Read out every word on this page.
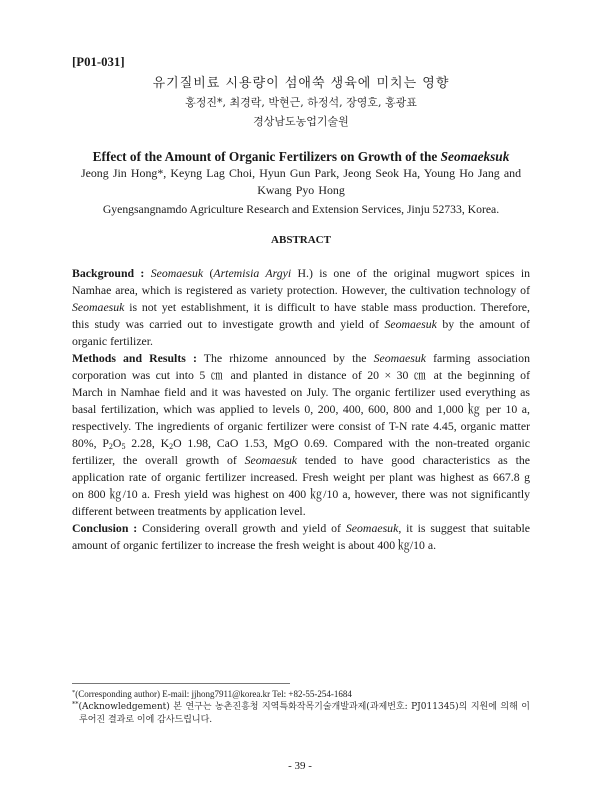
[P01-031]
유기질비료 시용량이 섬애쑥 생육에 미치는 영향
홍정진*, 최경락, 박현근, 하정석, 장영호, 홍광표
경상남도농업기술원
Effect of the Amount of Organic Fertilizers on Growth of the Seomaeksuk
Jeong Jin Hong*, Keyng Lag Choi, Hyun Gun Park, Jeong Seok Ha, Young Ho Jang and
Kwang Pyo Hong
Gyengsangnamdo Agriculture Research and Extension Services, Jinju 52733, Korea.
ABSTRACT
Background : Seomaesuk (Artemisia Argyi H.) is one of the original mugwort spices in
Namhae area, which is registered as variety protection. However, the cultivation technology of
Seomaesuk is not yet establishment, it is difficult to have stable mass production. Therefore,
this study was carried out to investigate growth and yield of Seomaesuk by the amount of
organic fertilizer.
Methods and Results : The rhizome announced by the Seomaesuk farming association
corporation was cut into 5 ㎝ and planted in distance of 20 × 30 ㎝ at the beginning of
March in Namhae field and it was havested on July. The organic fertilizer used everything as
basal fertilization, which was applied to levels 0, 200, 400, 600, 800 and 1,000 ㎏ per 10 a,
respectively. The ingredients of organic fertilizer were consist of T-N rate 4.45, organic matter
80%, $P_2O_5$ 2.28, $K_2O$ 1.98, CaO 1.53, MgO 0.69. Compared with the non-treated organic
fertilizer, the overall growth of Seomaesuk tended to have good characteristics as the
application rate of organic fertilizer increased. Fresh weight per plant was highest as 667.8 g
on 800 ㎏/10 a. Fresh yield was highest on 400 ㎏/10 a, however, there was not significantly
different between treatments by application level.
Conclusion : Considering overall growth and yield of Seomaesuk, it is suggest that suitable
amount of organic fertilizer to increase the fresh weight is about 400 ㎏/10 a.
*(Corresponding author) E-mail: jjhong7911@korea.kr Tel: +82-55-254-1684
**(Acknowledgement) 본 연구는 농촌진흥청 지역특화작목기술개발과제(과제번호: PJ011345)의 지원에 의해 이
루어진 결과로 이에 감사드립니다.
- 39 -
